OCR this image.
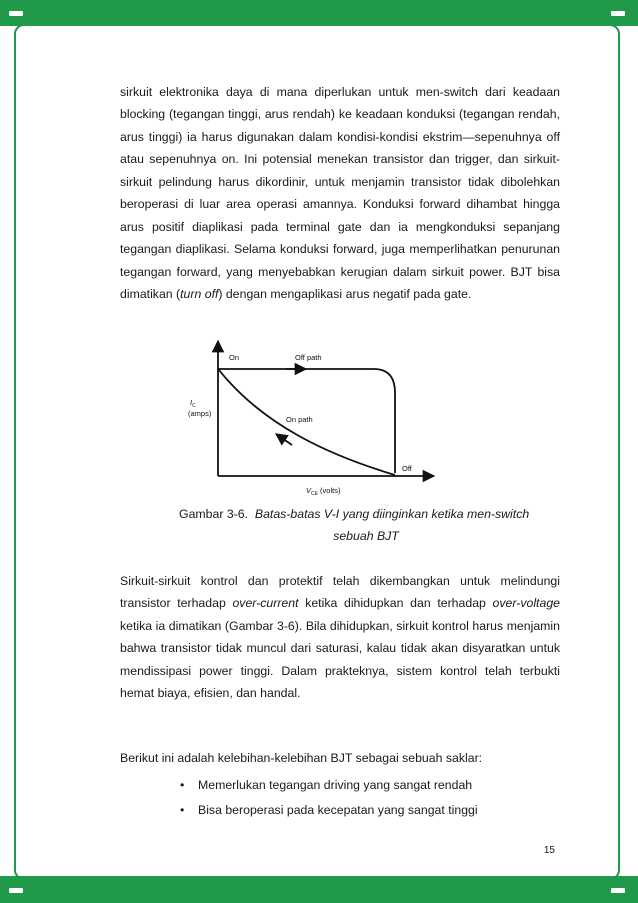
sirkuit elektronika daya di mana diperlukan untuk men-switch dari keadaan blocking (tegangan tinggi, arus rendah) ke keadaan konduksi (tegangan rendah, arus tinggi) ia harus digunakan dalam kondisi-kondisi ekstrim—sepenuhnya off atau sepenuhnya on. Ini potensial menekan transistor dan trigger, dan sirkuit-sirkuit pelindung harus dikordinir, untuk menjamin transistor tidak dibolehkan beroperasi di luar area operasi amannya. Konduksi forward dihambat hingga arus positif diaplikasi pada terminal gate dan ia mengkonduksi sepanjang tegangan diaplikasi. Selama konduksi forward, juga memperlihatkan penurunan tegangan forward, yang menyebabkan kerugian dalam sirkuit power. BJT bisa dimatikan (turn off) dengan mengaplikasi arus negatif pada gate.

On	Off path
$I_C$
(amps)
On path
Off
$V_{CE}$ (volts)
Gambar 3-6. Batas-batas V-I yang diinginkan ketika men-switch
sebuah BJT

Sirkuit-sirkuit kontrol dan protektif telah dikembangkan untuk melindungi transistor terhadap over-current ketika dihidupkan dan terhadap over-voltage ketika ia dimatikan (Gambar 3-6). Bila dihidupkan, sirkuit kontrol harus menjamin bahwa transistor tidak muncul dari saturasi, kalau tidak akan disyaratkan untuk mendissipasi power tinggi. Dalam prakteknya, sistem kontrol telah terbukti hemat biaya, efisien, dan handal.

Berikut ini adalah kelebihan-kelebihan BJT sebagai sebuah saklar:

• Memerlukan tegangan driving yang sangat rendah
• Bisa beroperasi pada kecepatan yang sangat tinggi
15
